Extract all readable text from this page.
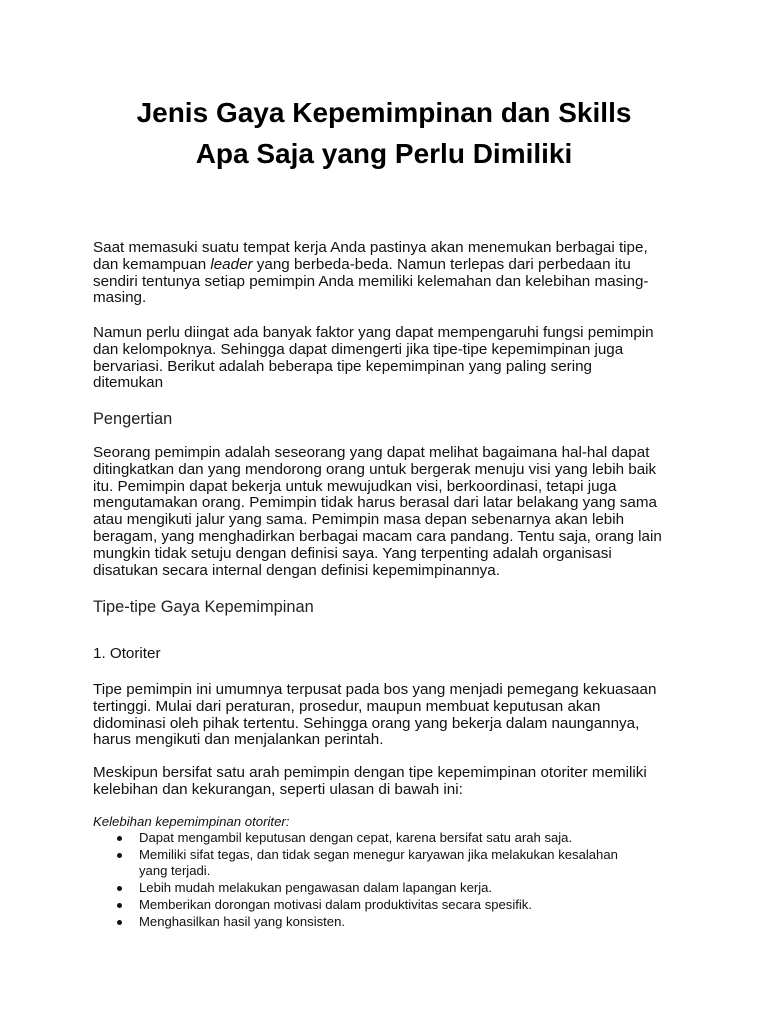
Jenis Gaya Kepemimpinan dan Skills
Apa Saja yang Perlu Dimiliki

Saat memasuki suatu tempat kerja Anda pastinya akan menemukan berbagai tipe,
dan kemampuan leader yang berbeda-beda. Namun terlepas dari perbedaan itu
sendiri tentunya setiap pemimpin Anda memiliki kelemahan dan kelebihan masing-
masing.

Namun perlu diingat ada banyak faktor yang dapat mempengaruhi fungsi pemimpin
dan kelompoknya. Sehingga dapat dimengerti jika tipe-tipe kepemimpinan juga
bervariasi. Berikut adalah beberapa tipe kepemimpinan yang paling sering
ditemukan

Pengertian

Seorang pemimpin adalah seseorang yang dapat melihat bagaimana hal-hal dapat
ditingkatkan dan yang mendorong orang untuk bergerak menuju visi yang lebih baik
itu. Pemimpin dapat bekerja untuk mewujudkan visi, berkoordinasi, tetapi juga
mengutamakan orang. Pemimpin tidak harus berasal dari latar belakang yang sama
atau mengikuti jalur yang sama. Pemimpin masa depan sebenarnya akan lebih
beragam, yang menghadirkan berbagai macam cara pandang. Tentu saja, orang lain
mungkin tidak setuju dengan definisi saya. Yang terpenting adalah organisasi
disatukan secara internal dengan definisi kepemimpinannya.

Tipe-tipe Gaya Kepemimpinan

1. Otoriter

Tipe pemimpin ini umumnya terpusat pada bos yang menjadi pemegang kekuasaan
tertinggi. Mulai dari peraturan, prosedur, maupun membuat keputusan akan
didominasi oleh pihak tertentu. Sehingga orang yang bekerja dalam naungannya,
harus mengikuti dan menjalankan perintah.

Meskipun bersifat satu arah pemimpin dengan tipe kepemimpinan otoriter memiliki
kelebihan dan kekurangan, seperti ulasan di bawah ini:

Kelebihan kepemimpinan otoriter:

Dapat mengambil keputusan dengan cepat, karena bersifat satu arah saja.
Memiliki sifat tegas, dan tidak segan menegur karyawan jika melakukan kesalahan
yang terjadi.
Lebih mudah melakukan pengawasan dalam lapangan kerja.
Memberikan dorongan motivasi dalam produktivitas secara spesifik.
Menghasilkan hasil yang konsisten.
